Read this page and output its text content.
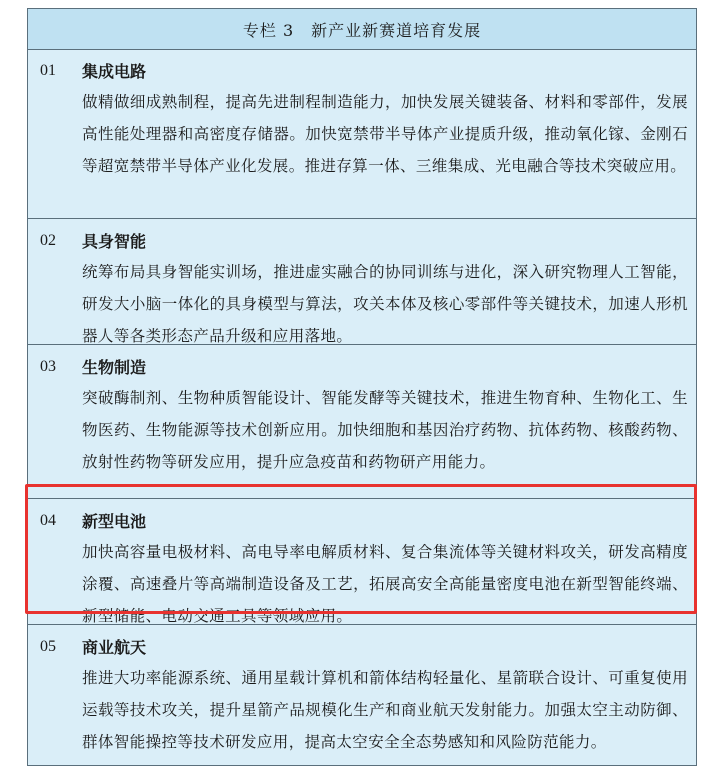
专栏 3　新产业新赛道培育发展
01	集成电路
做精做细成熟制程，提高先进制程制造能力，加快发展关键装备、材料和零部件，发展高性能处理器和高密度存储器。加快宽禁带半导体产业提质升级，推动氧化镓、金刚石等超宽禁带半导体产业化发展。推进存算一体、三维集成、光电融合等技术突破应用。
02	具身智能
统筹布局具身智能实训场，推进虚实融合的协同训练与进化，深入研究物理人工智能，研发大小脑一体化的具身模型与算法，攻关本体及核心零部件等关键技术，加速人形机器人等各类形态产品升级和应用落地。
03	生物制造
突破酶制剂、生物种质智能设计、智能发酵等关键技术，推进生物育种、生物化工、生物医药、生物能源等技术创新应用。加快细胞和基因治疗药物、抗体药物、核酸药物、放射性药物等研发应用，提升应急疫苗和药物研产用能力。
04	新型电池
加快高容量电极材料、高电导率电解质材料、复合集流体等关键材料攻关，研发高精度涂覆、高速叠片等高端制造设备及工艺，拓展高安全高能量密度电池在新型智能终端、新型储能、电动交通工具等领域应用。
05	商业航天
推进大功率能源系统、通用星载计算机和箭体结构轻量化、星箭联合设计、可重复使用运载等技术攻关，提升星箭产品规模化生产和商业航天发射能力。加强太空主动防御、群体智能操控等技术研发应用，提高太空安全全态势感知和风险防范能力。
